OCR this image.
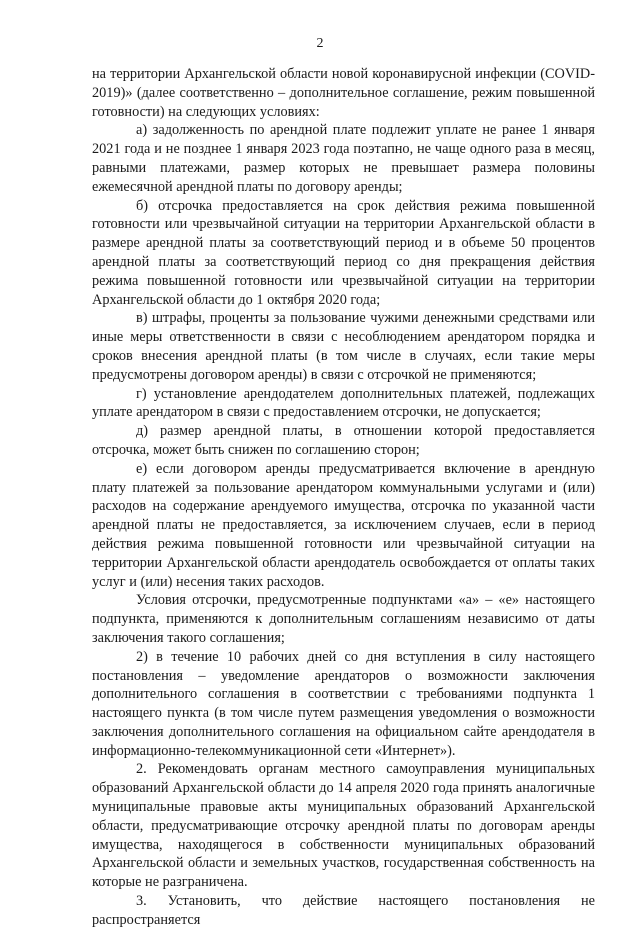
2

на территории Архангельской области новой коронавирусной инфекции (COVID-2019)» (далее соответственно – дополнительное соглашение, режим повышенной готовности) на следующих условиях:

а) задолженность по арендной плате подлежит уплате не ранее 1 января 2021 года и не позднее 1 января 2023 года поэтапно, не чаще одного раза в месяц, равными платежами, размер которых не превышает размера половины ежемесячной арендной платы по договору аренды;

б) отсрочка предоставляется на срок действия режима повышенной готовности или чрезвычайной ситуации на территории Архангельской области в размере арендной платы за соответствующий период и в объеме 50 процентов арендной платы за соответствующий период со дня прекращения действия режима повышенной готовности или чрезвычайной ситуации на территории Архангельской области до 1 октября 2020 года;

в) штрафы, проценты за пользование чужими денежными средствами или иные меры ответственности в связи с несоблюдением арендатором порядка и сроков внесения арендной платы (в том числе в случаях, если такие меры предусмотрены договором аренды) в связи с отсрочкой не применяются;

г) установление арендодателем дополнительных платежей, подлежащих уплате арендатором в связи с предоставлением отсрочки, не допускается;

д) размер арендной платы, в отношении которой предоставляется отсрочка, может быть снижен по соглашению сторон;

е) если договором аренды предусматривается включение в арендную плату платежей за пользование арендатором коммунальными услугами и (или) расходов на содержание арендуемого имущества, отсрочка по указанной части арендной платы не предоставляется, за исключением случаев, если в период действия режима повышенной готовности или чрезвычайной ситуации на территории Архангельской области арендодатель освобождается от оплаты таких услуг и (или) несения таких расходов.

Условия отсрочки, предусмотренные подпунктами «а» – «е» настоящего подпункта, применяются к дополнительным соглашениям независимо от даты заключения такого соглашения;

2) в течение 10 рабочих дней со дня вступления в силу настоящего постановления – уведомление арендаторов о возможности заключения дополнительного соглашения в соответствии с требованиями подпункта 1 настоящего пункта (в том числе путем размещения уведомления о возможности заключения дополнительного соглашения на официальном сайте арендодателя в информационно-телекоммуникационной сети «Интернет»).

2. Рекомендовать органам местного самоуправления муниципальных образований Архангельской области до 14 апреля 2020 года принять аналогичные муниципальные правовые акты муниципальных образований Архангельской области, предусматривающие отсрочку арендной платы по договорам аренды имущества, находящегося в собственности муниципальных образований Архангельской области и земельных участков, государственная собственность на которые не разграничена.

3. Установить, что действие настоящего постановления не распространяется
